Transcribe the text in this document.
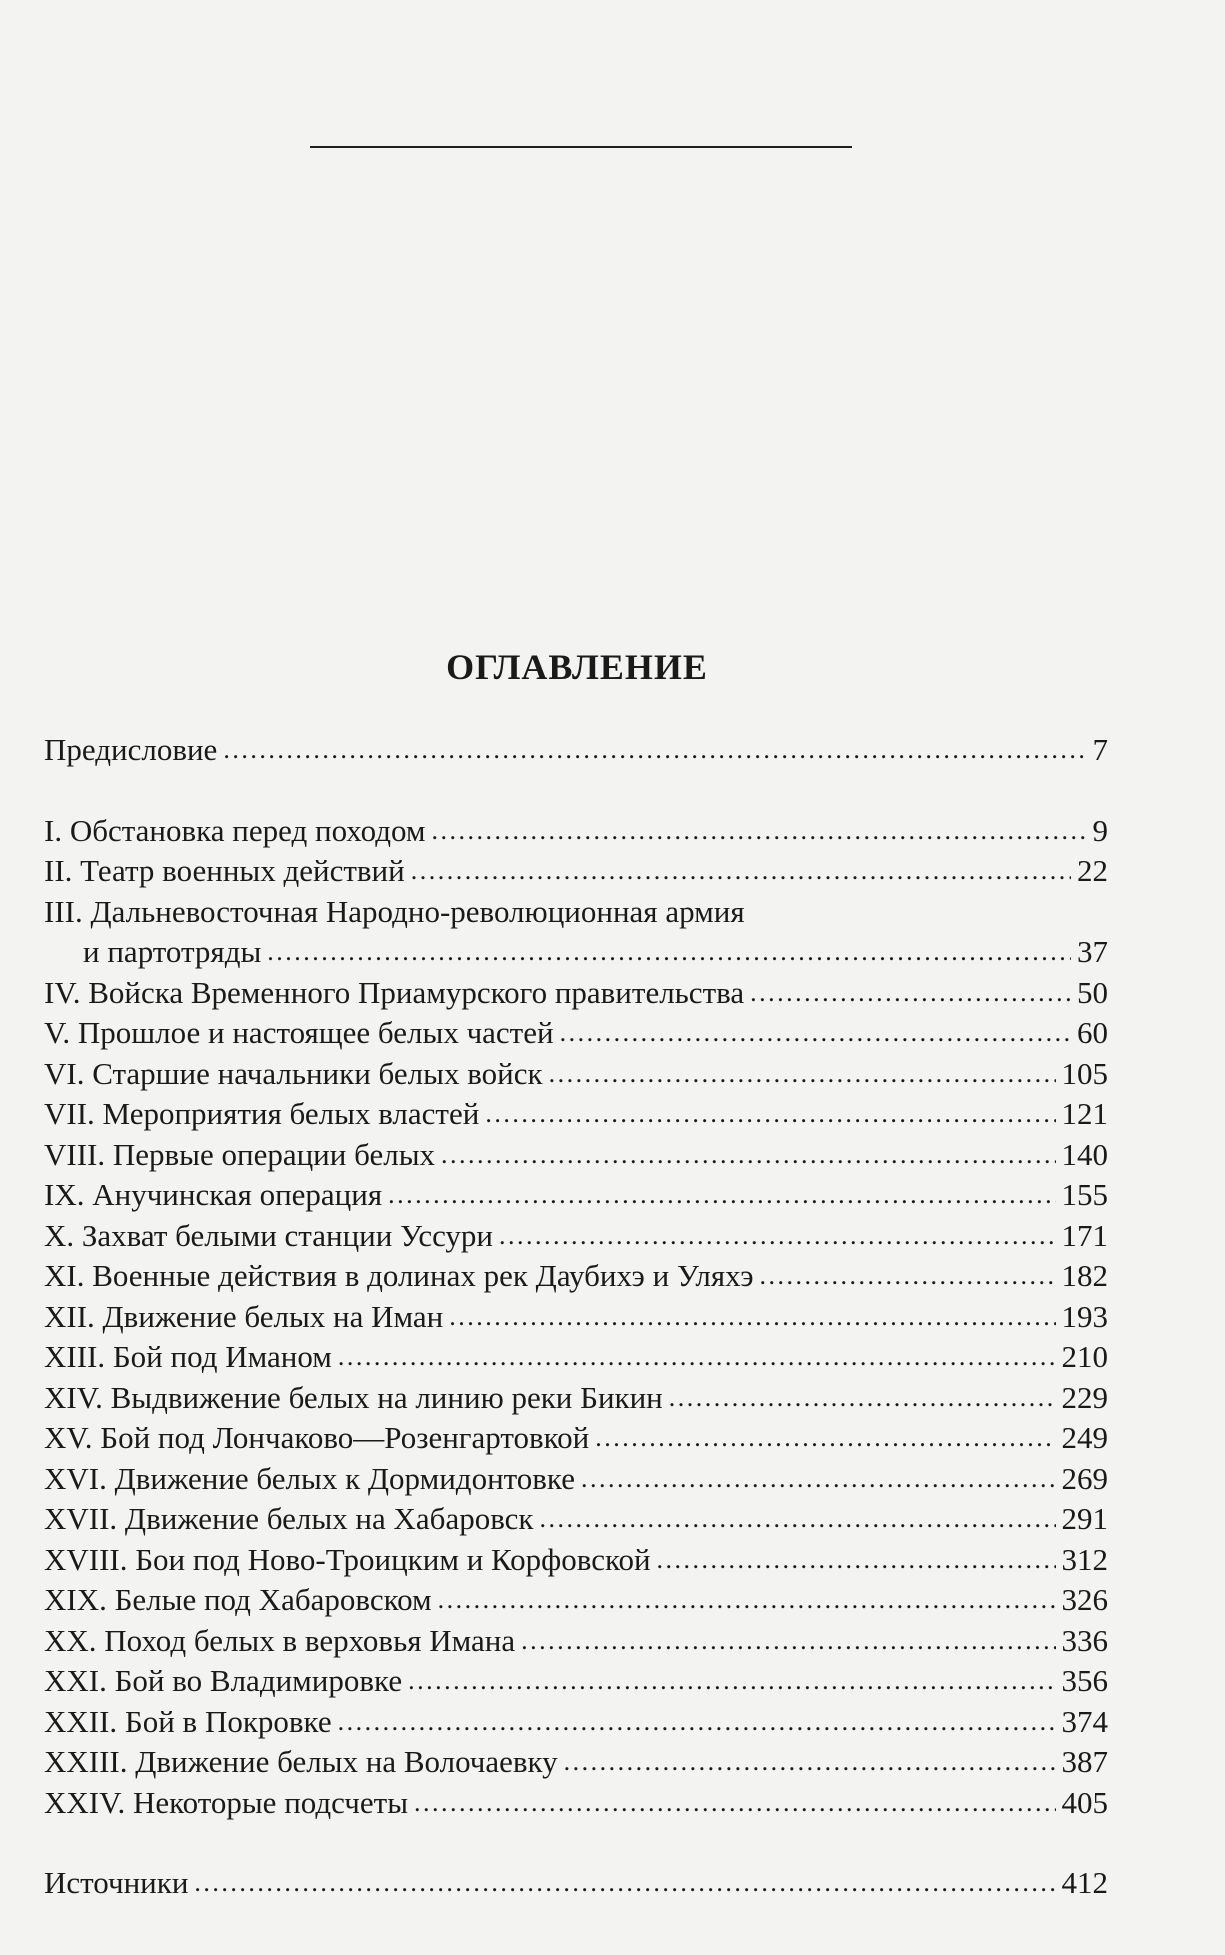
ОГЛАВЛЕНИЕ
Предисловие . . .	7
I. Обстановка перед походом . . .	9
II. Театр военных действий . . .	22
III. Дальневосточная Народно-революционная армия
и партотряды . . .	37
IV. Войска Временного Приамурского правительства . . .	50
V. Прошлое и настоящее белых частей . . .	60
VI. Старшие начальники белых войск . . .	105
VII. Мероприятия белых властей . . .	121
VIII. Первые операции белых . . .	140
IX. Анучинская операция . . .	155
X. Захват белыми станции Уссури . . .	171
XI. Военные действия в долинах рек Даубихэ и Уляхэ . . .	182
XII. Движение белых на Иман . . .	193
XIII. Бой под Иманом . . .	210
XIV. Выдвижение белых на линию реки Бикин . . .	229
XV. Бой под Лончаково—Розенгартовкой . . .	249
XVI. Движение белых к Дормидонтовке . . .	269
XVII. Движение белых на Хабаровск . . .	291
XVIII. Бои под Ново-Троицким и Корфовской . . .	312
XIX. Белые под Хабаровском . . .	326
XX. Поход белых в верховья Имана . . .	336
XXI. Бой во Владимировке . . .	356
XXII. Бой в Покровке . . .	374
XXIII. Движение белых на Волочаевку . . .	387
XXIV. Некоторые подсчеты . . .	405
Источники . . .	412
